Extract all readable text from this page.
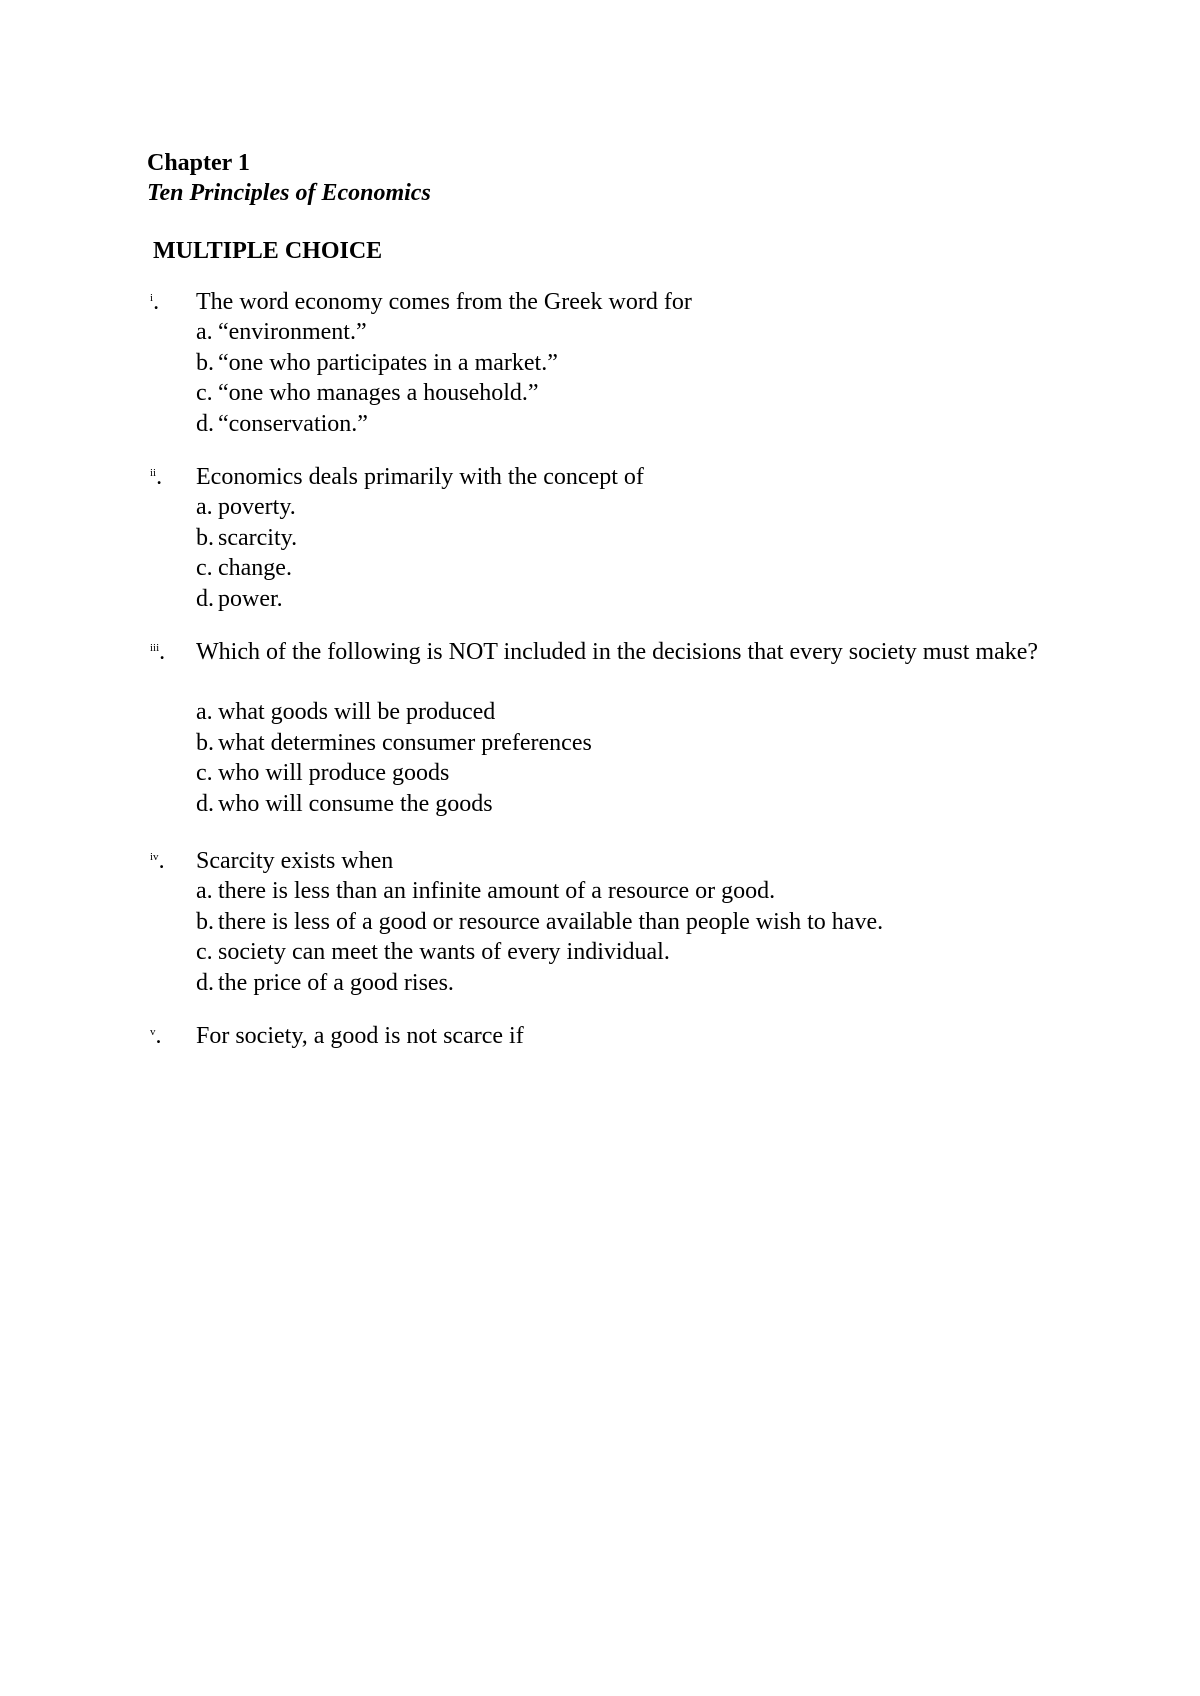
Chapter 1
Ten Principles of Economics
MULTIPLE CHOICE
$^i$.	The word economy comes from the Greek word for
a. “environment.”
b. “one who participates in a market.”
c. “one who manages a household.”
d. “conservation.”
$^{ii}$.	Economics deals primarily with the concept of
a. poverty.
b. scarcity.
c. change.
d. power.
$^{iii}$.	Which of the following is NOT included in the decisions that every society must make?
a. what goods will be produced
b. what determines consumer preferences
c. who will produce goods
d. who will consume the goods
$^{iv}$.	Scarcity exists when
a. there is less than an infinite amount of a resource or good.
b. there is less of a good or resource available than people wish to have.
c. society can meet the wants of every individual.
d. the price of a good rises.
$^v$.	For society, a good is not scarce if
